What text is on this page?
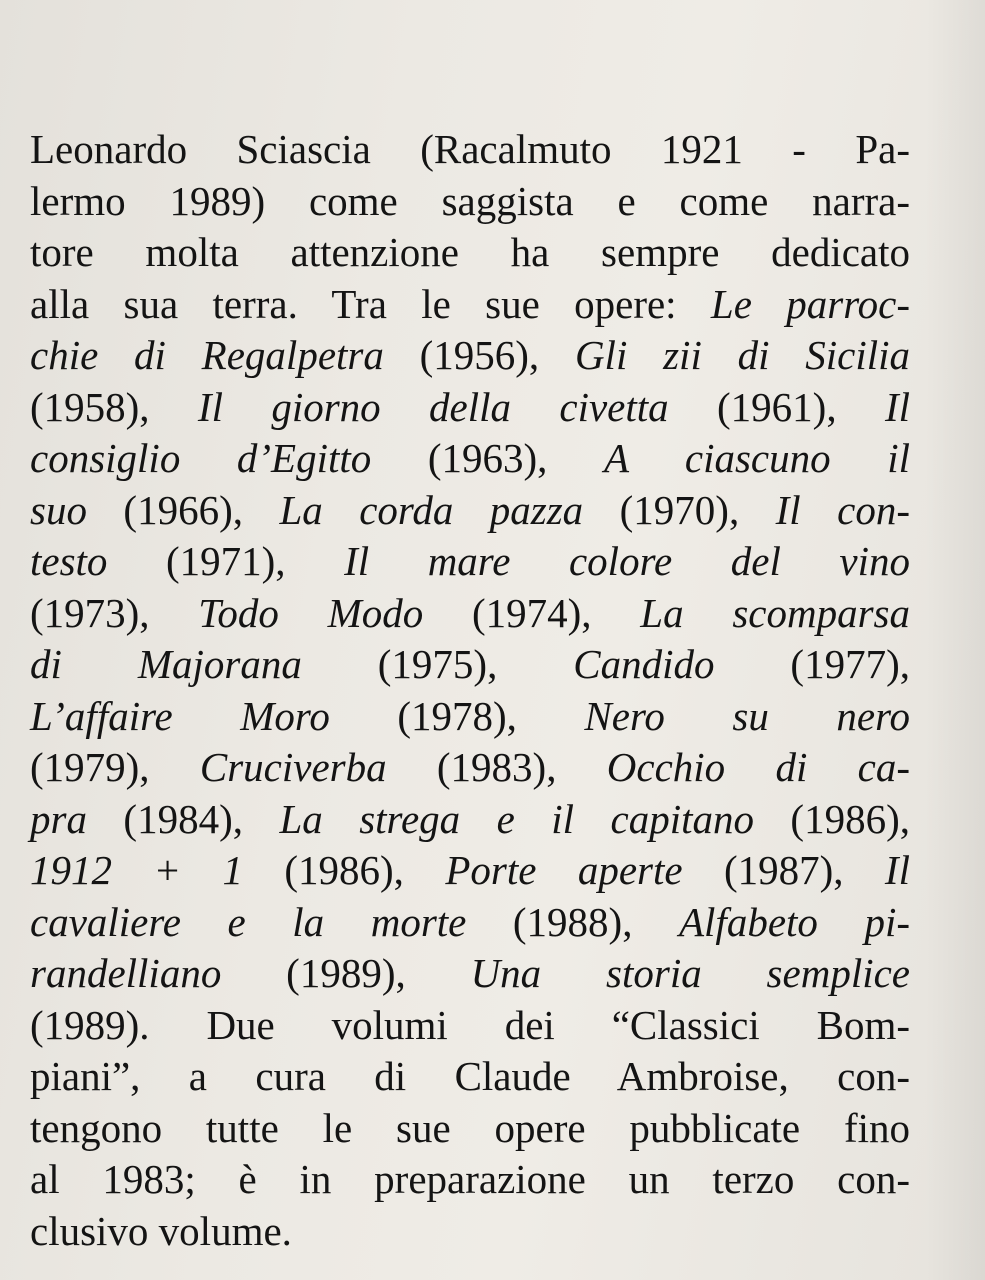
Leonardo Sciascia (Racalmuto 1921 - Pa-
lermo 1989) come saggista e come narra-
tore molta attenzione ha sempre dedicato
alla sua terra. Tra le sue opere: Le parroc-
chie di Regalpetra (1956), Gli zii di Sicilia
(1958), Il giorno della civetta (1961), Il
consiglio d’Egitto (1963), A ciascuno il
suo (1966), La corda pazza (1970), Il con-
testo (1971), Il mare colore del vino
(1973), Todo Modo (1974), La scomparsa
di Majorana (1975), Candido (1977),
L’affaire Moro (1978), Nero su nero
(1979), Cruciverba (1983), Occhio di ca-
pra (1984), La strega e il capitano (1986),
1912 + 1 (1986), Porte aperte (1987), Il
cavaliere e la morte (1988), Alfabeto pi-
randelliano (1989), Una storia semplice
(1989). Due volumi dei “Classici Bom-
piani”, a cura di Claude Ambroise, con-
tengono tutte le sue opere pubblicate fino
al 1983; è in preparazione un terzo con-
clusivo volume.
